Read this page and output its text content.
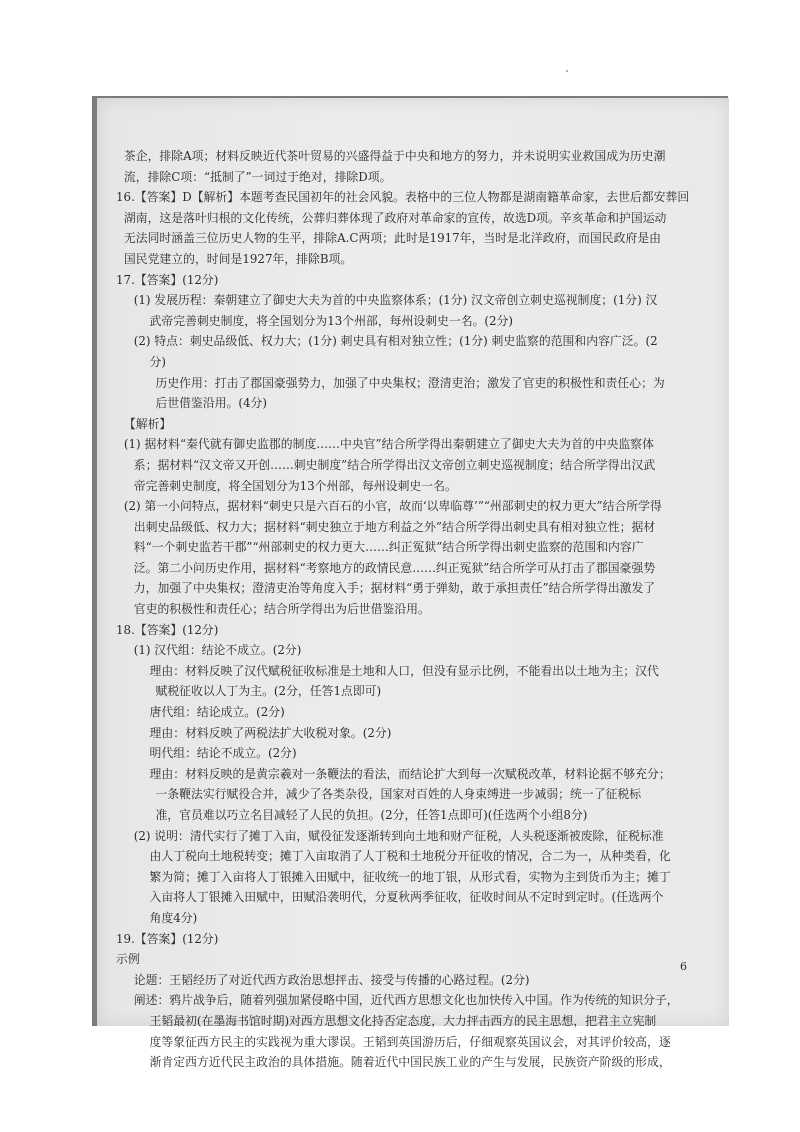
茶企，排除A项；材料反映近代茶叶贸易的兴盛得益于中央和地方的努力，并未说明实业救国成为历史潮

流，排除C项：“抵制了”一词过于绝对，排除D项。

16.【答案】D【解析】本题考查民国初年的社会风貌。表格中的三位人物都是湖南籍革命家，去世后都安葬回

湖南，这是落叶归根的文化传统，公葬归葬体现了政府对革命家的宣传，故选D项。辛亥革命和护国运动

无法同时涵盖三位历史人物的生平，排除A.C两项；此时是1917年，当时是北洋政府，而国民政府是由

国民党建立的，时间是1927年，排除B项。

17.【答案】(12分)

(1) 发展历程：秦朝建立了御史大夫为首的中央监察体系；(1分) 汉文帝创立刺史巡视制度；(1分) 汉

武帝完善刺史制度，将全国划分为13个州部，每州设刺史一名。(2分)

(2) 特点：刺史品级低、权力大；(1分) 刺史具有相对独立性；(1分) 刺史监察的范围和内容广泛。(2

分)

历史作用：打击了郡国豪强势力，加强了中央集权；澄清吏治；激发了官吏的积极性和责任心；为

后世借鉴沿用。(4分)

【解析】

(1) 据材料“秦代就有御史监郡的制度……中央官”结合所学得出秦朝建立了御史大夫为首的中央监察体

系；据材料“汉文帝又开创……刺史制度”结合所学得出汉文帝创立刺史巡视制度；结合所学得出汉武

帝完善刺史制度，将全国划分为13个州部，每州设刺史一名。

(2) 第一小问特点，据材料“刺史只是六百石的小官，故而‘以卑临尊’”“州部刺史的权力更大”结合所学得

出刺史品级低、权力大；据材料“刺史独立于地方利益之外”结合所学得出刺史具有相对独立性；据材

料“一个刺史监若干郡”“州部刺史的权力更大……纠正冤狱”结合所学得出刺史监察的范围和内容广

泛。第二小问历史作用，据材料“考察地方的政情民意……纠正冤狱”结合所学可从打击了郡国豪强势

力，加强了中央集权；澄清吏治等角度入手；据材料“勇于弹劾，敢于承担责任”结合所学得出激发了

官吏的积极性和责任心；结合所学得出为后世借鉴沿用。

18.【答案】(12分)

(1) 汉代组：结论不成立。(2分)

理由：材料反映了汉代赋税征收标准是土地和人口，但没有显示比例，不能看出以土地为主；汉代

赋税征收以人丁为主。(2分，任答1点即可)

唐代组：结论成立。(2分)

理由：材料反映了两税法扩大收税对象。(2分)

明代组：结论不成立。(2分)

理由：材料反映的是黄宗羲对一条鞭法的看法，而结论扩大到每一次赋税改革，材料论据不够充分；

一条鞭法实行赋役合并，减少了各类杂役，国家对百姓的人身束缚进一步减弱；统一了征税标

准，官员难以巧立名目减轻了人民的负担。(2分，任答1点即可)(任选两个小组8分)

(2) 说明：清代实行了摊丁入亩，赋役征发逐渐转到向土地和财产征税，人头税逐渐被废除，征税标准

由人丁税向土地税转变；摊丁入亩取消了人丁税和土地税分开征收的情况，合二为一，从种类看，化

繁为简；摊丁入亩将人丁银摊入田赋中，征收统一的地丁银，从形式看，实物为主到货币为主；摊丁

入亩将人丁银摊入田赋中，田赋沿袭明代，分夏秋两季征收，征收时间从不定时到定时。(任选两个

角度4分)

19.【答案】(12分)

示例

论题：王韬经历了对近代西方政治思想抨击、接受与传播的心路过程。(2分)

阐述：鸦片战争后，随着列强加紧侵略中国，近代西方思想文化也加快传入中国。作为传统的知识分子，

王韬最初(在墨海书馆时期)对西方思想文化持否定态度，大力抨击西方的民主思想，把君主立宪制

度等象征西方民主的实践视为重大谬误。王韬到英国游历后，仔细观察英国议会，对其评价较高，逐

渐肯定西方近代民主政治的具体措施。随着近代中国民族工业的产生与发展，民族资产阶级的形成，

6
